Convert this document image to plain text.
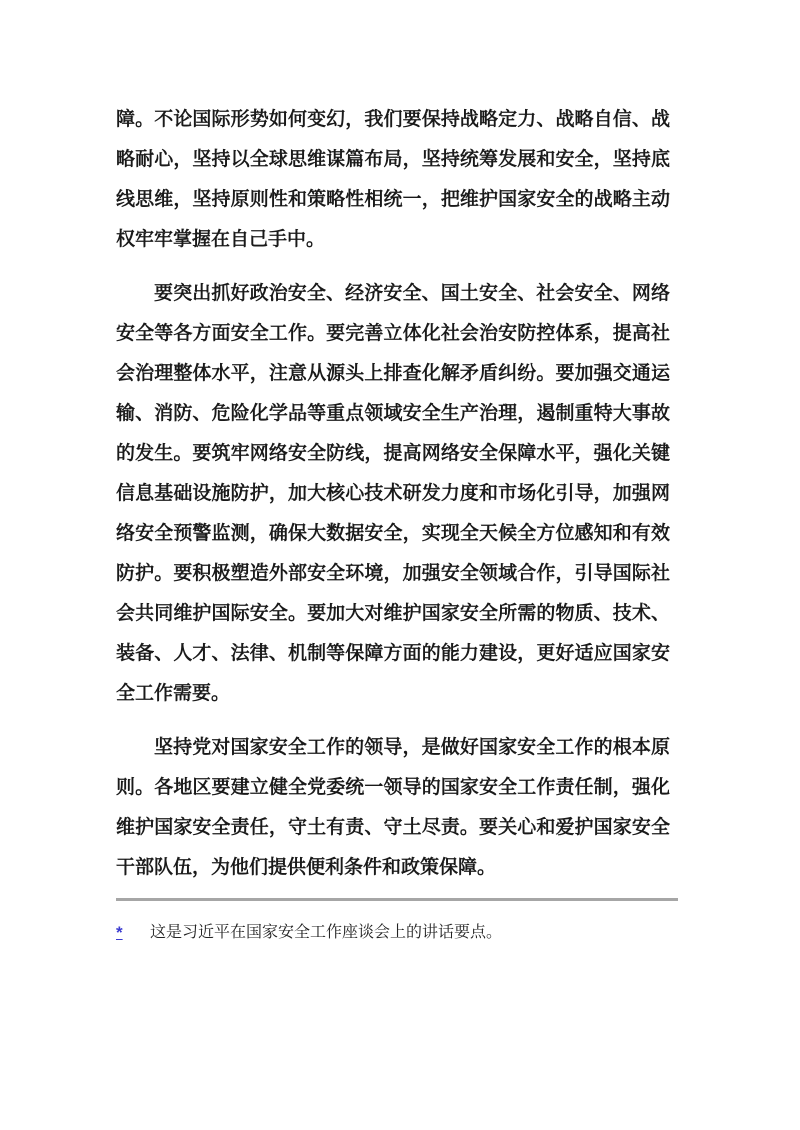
障。不论国际形势如何变幻，我们要保持战略定力、战略自信、战
略耐心，坚持以全球思维谋篇布局，坚持统筹发展和安全，坚持底
线思维，坚持原则性和策略性相统一，把维护国家安全的战略主动
权牢牢掌握在自己手中。
要突出抓好政治安全、经济安全、国土安全、社会安全、网络
安全等各方面安全工作。要完善立体化社会治安防控体系，提高社
会治理整体水平，注意从源头上排查化解矛盾纠纷。要加强交通运
输、消防、危险化学品等重点领域安全生产治理，遏制重特大事故
的发生。要筑牢网络安全防线，提高网络安全保障水平，强化关键
信息基础设施防护，加大核心技术研发力度和市场化引导，加强网
络安全预警监测，确保大数据安全，实现全天候全方位感知和有效
防护。要积极塑造外部安全环境，加强安全领域合作，引导国际社
会共同维护国际安全。要加大对维护国家安全所需的物质、技术、
装备、人才、法律、机制等保障方面的能力建设，更好适应国家安
全工作需要。
坚持党对国家安全工作的领导，是做好国家安全工作的根本原
则。各地区要建立健全党委统一领导的国家安全工作责任制，强化
维护国家安全责任，守土有责、守土尽责。要关心和爱护国家安全
干部队伍，为他们提供便利条件和政策保障。
*	这是习近平在国家安全工作座谈会上的讲话要点。
